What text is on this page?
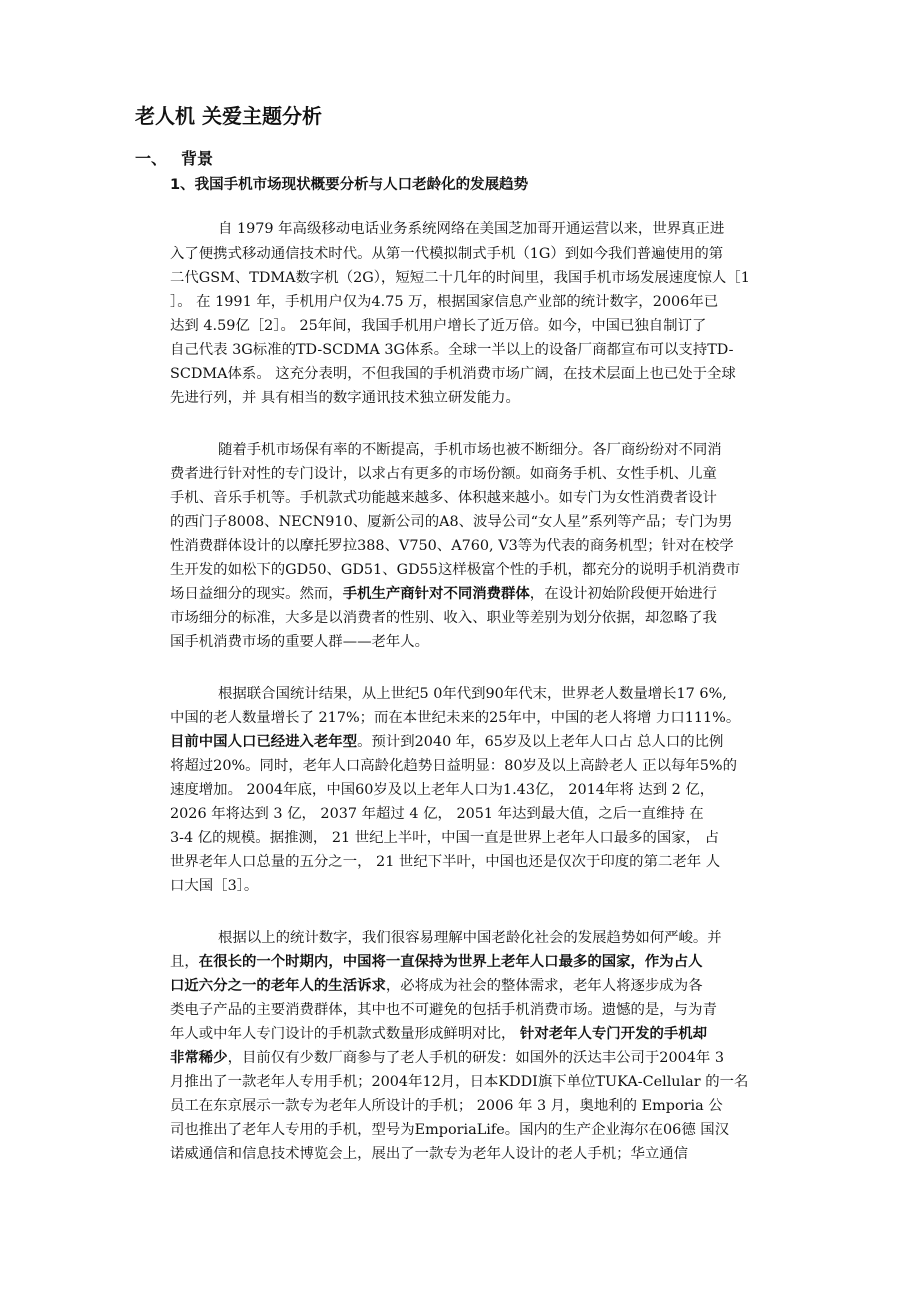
老人机 关爱主题分析
一、 背景
1、我国手机市场现状概要分析与人口老龄化的发展趋势

自 1979 年高级移动电话业务系统网络在美国芝加哥开通运营以来，世界真正进

入了便携式移动通信技术时代。从第一代模拟制式手机（1G）到如今我们普遍使用的第

二代GSM、TDMA数字机（2G），短短二十几年的时间里，我国手机市场发展速度惊人［1

］。 在 1991 年，手机用户仅为4.75 万，根据国家信息产业部的统计数字，2006年已

达到 4.59亿［2］。 25年间，我国手机用户增长了近万倍。如今，中国已独自制订了

自己代表 3G标准的TD-SCDMA 3G体系。全球一半以上的设备厂商都宣布可以支持TD-

SCDMA体系。 这充分表明，不但我国的手机消费市场广阔，在技术层面上也已处于全球

先进行列，并 具有相当的数字通讯技术独立研发能力。

随着手机市场保有率的不断提高，手机市场也被不断细分。各厂商纷纷对不同消

费者进行针对性的专门设计，以求占有更多的市场份额。如商务手机、女性手机、儿童

手机、音乐手机等。手机款式功能越来越多、体积越来越小。如专门为女性消费者设计

的西门子8008、NECN910、厦新公司的A8、波导公司“女人星”系列等产品；专门为男

性消费群体设计的以摩托罗拉388、V750、A760, V3等为代表的商务机型；针对在校学

生开发的如松下的GD50、GD51、GD55这样极富个性的手机，都充分的说明手机消费市

场日益细分的现实。然而，手机生产商针对不同消费群体，在设计初始阶段便开始进行

市场细分的标准，大多是以消费者的性别、收入、职业等差别为划分依据，却忽略了我

国手机消费市场的重要人群——老年人。

根据联合国统计结果，从上世纪5 0年代到90年代末，世界老人数量增长17 6%,

中国的老人数量增长了 217%；而在本世纪未来的25年中，中国的老人将增 力口111%。

目前中国人口已经进入老年型。预计到2040 年，65岁及以上老年人口占 总人口的比例

将超过20%。同时，老年人口高龄化趋势日益明显：80岁及以上高龄老人 正以每年5%的

速度增加。 2004年底，中国60岁及以上老年人口为1.43亿， 2014年将 达到 2 亿，

2026 年将达到 3 亿， 2037 年超过 4 亿， 2051 年达到最大值，之后一直维持 在

3-4 亿的规模。据推测， 21 世纪上半叶，中国一直是世界上老年人口最多的国家， 占

世界老年人口总量的五分之一， 21 世纪下半叶，中国也还是仅次于印度的第二老年 人

口大国［3］。

根据以上的统计数字，我们很容易理解中国老龄化社会的发展趋势如何严峻。并

且，在很长的一个时期内，中国将一直保持为世界上老年人口最多的国家，作为占人

口近六分之一的老年人的生活诉求，必将成为社会的整体需求，老年人将逐步成为各

类电子产品的主要消费群体，其中也不可避免的包括手机消费市场。遗憾的是，与为青

年人或中年人专门设计的手机款式数量形成鲜明对比， 针对老年人专门开发的手机却

非常稀少，目前仅有少数厂商参与了老人手机的研发：如国外的沃达丰公司于2004年 3

月推出了一款老年人专用手机；2004年12月，日本KDDI旗下单位TUKA-Cellular 的一名

员工在东京展示一款专为老年人所设计的手机； 2006 年 3 月，奥地利的 Emporia 公

司也推出了老年人专用的手机，型号为EmporiaLife。国内的生产企业海尔在06德 国汉

诺威通信和信息技术博览会上，展出了一款专为老年人设计的老人手机；华立通信
